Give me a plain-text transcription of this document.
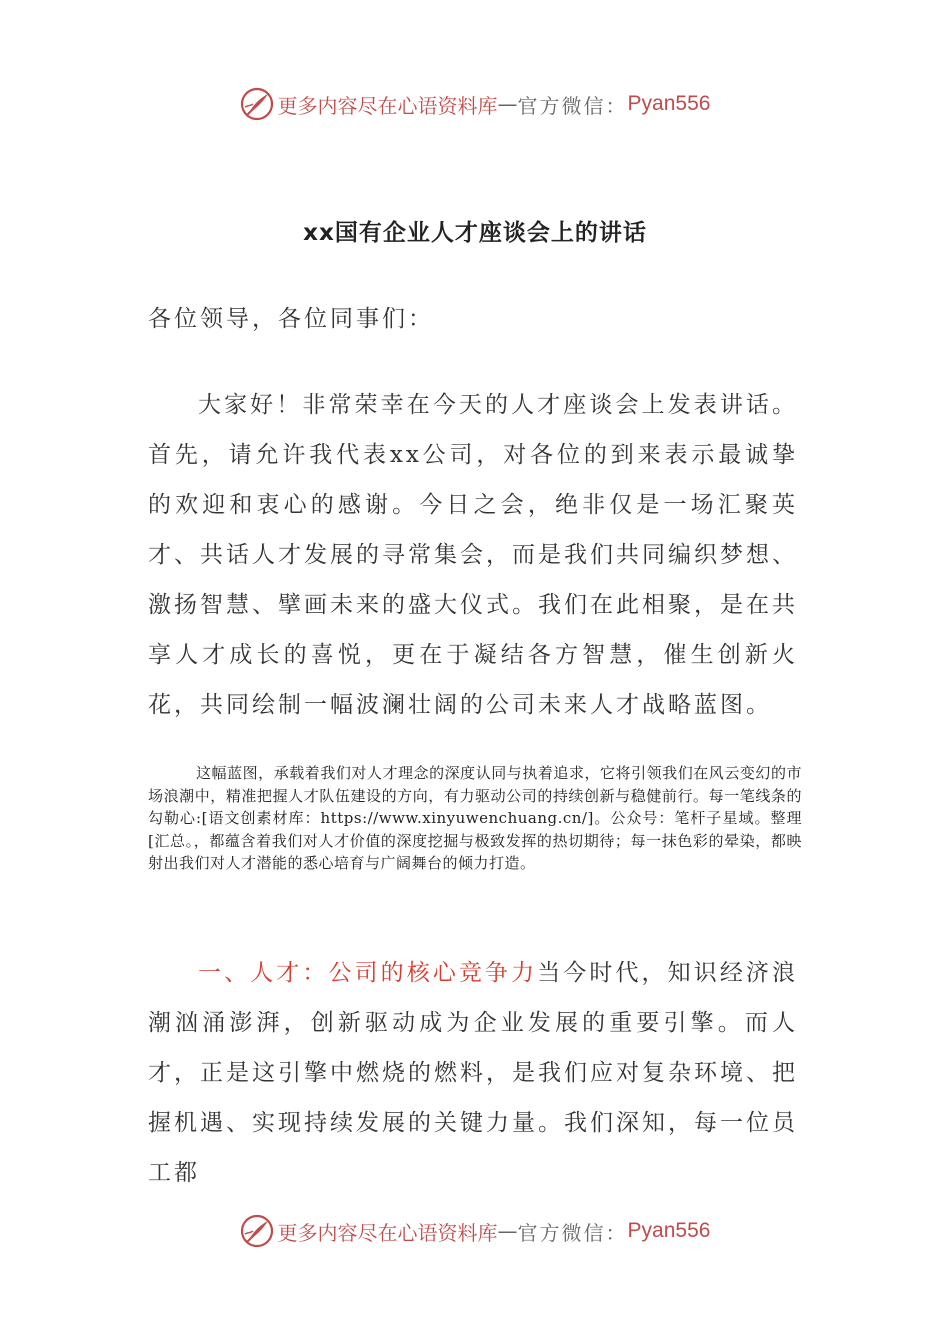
更多内容尽在心语资料库 — 官方微信： Pyan556
xx国有企业人才座谈会上的讲话
各位领导，各位同事们：

大家好！非常荣幸在今天的人才座谈会上发表讲话。首先，请允许我代表xx公司，对各位的到来表示最诚挚的欢迎和衷心的感谢。今日之会，绝非仅是一场汇聚英才、共话人才发展的寻常集会，而是我们共同编织梦想、激扬智慧、擘画未来的盛大仪式。我们在此相聚，是在共享人才成长的喜悦，更在于凝结各方智慧，催生创新火花，共同绘制一幅波澜壮阔的公司未来人才战略蓝图。

这幅蓝图，承载着我们对人才理念的深度认同与执着追求，它将引领我们在风云变幻的市场浪潮中，精准把握人才队伍建设的方向，有力驱动公司的持续创新与稳健前行。每一笔线条的勾勒心:[语文创素材库：https://www.xinyuwenchuang.cn/]。公众号：笔杆子星域。整理[汇总。，都蕴含着我们对人才价值的深度挖掘与极致发挥的热切期待；每一抹色彩的晕染，都映射出我们对人才潜能的悉心培育与广阔舞台的倾力打造。

一、人才：公司的核心竞争力当今时代，知识经济浪潮汹涌澎湃，创新驱动成为企业发展的重要引擎。而人才，正是这引擎中燃烧的燃料，是我们应对复杂环境、把握机遇、实现持续发展的关键力量。我们深知，每一位员工都

更多内容尽在心语资料库 — 官方微信： Pyan556
